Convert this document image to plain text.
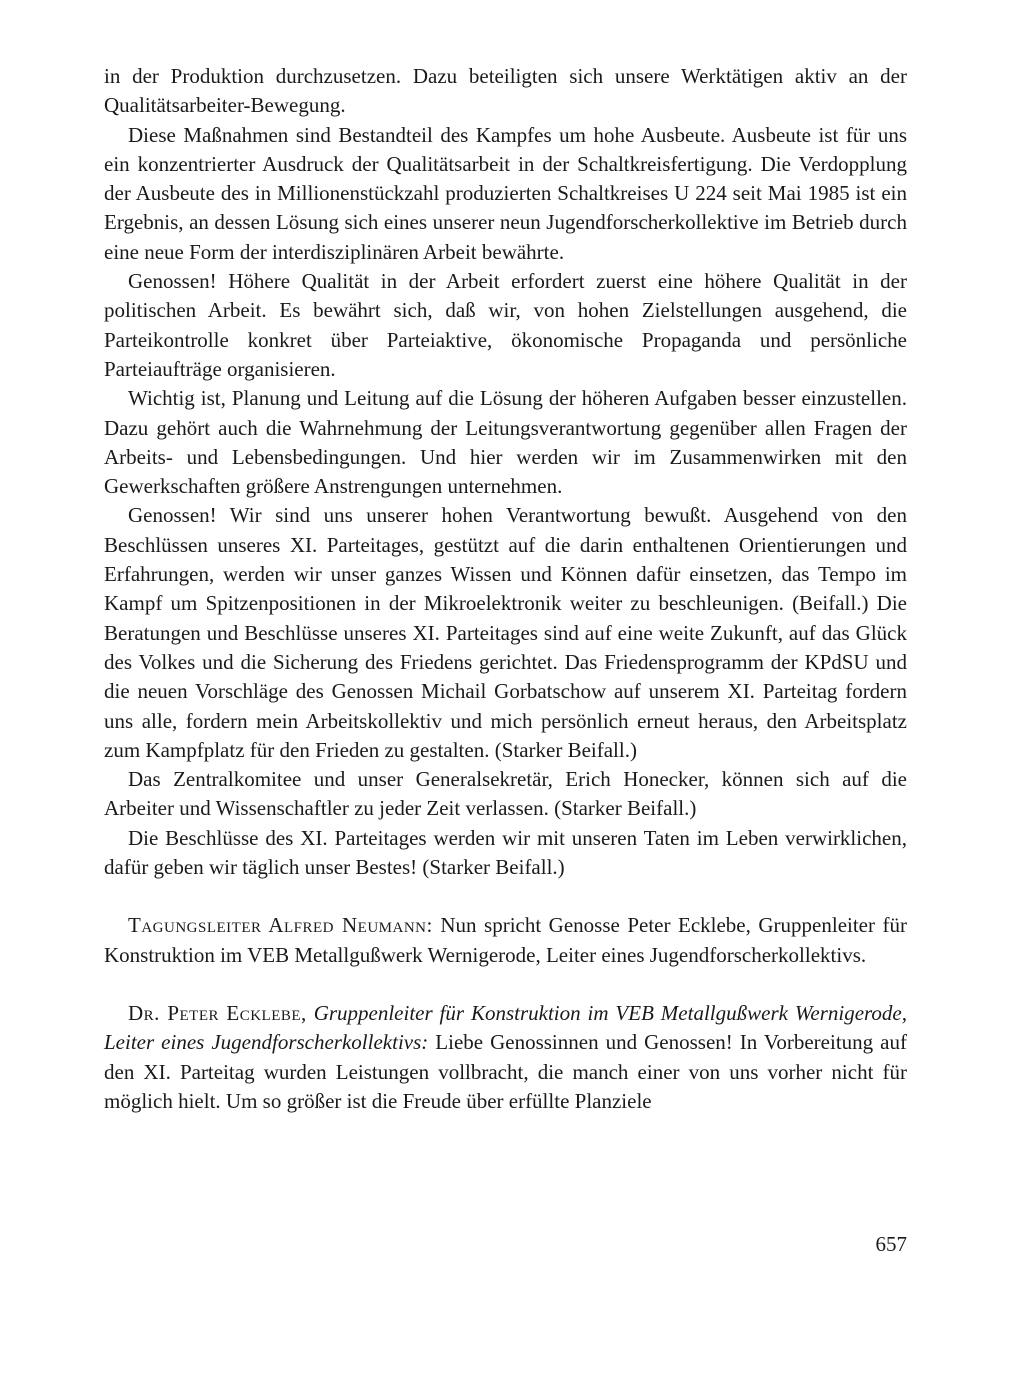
in der Produktion durchzusetzen. Dazu beteiligten sich unsere Werktätigen aktiv an der Qualitätsarbeiter-Bewegung.

Diese Maßnahmen sind Bestandteil des Kampfes um hohe Ausbeute. Ausbeute ist für uns ein konzentrierter Ausdruck der Qualitätsarbeit in der Schaltkreisfertigung. Die Verdopplung der Ausbeute des in Millionenstückzahl produzierten Schaltkreises U 224 seit Mai 1985 ist ein Ergebnis, an dessen Lösung sich eines unserer neun Jugendforscherkollektive im Betrieb durch eine neue Form der interdisziplinären Arbeit bewährte.

Genossen! Höhere Qualität in der Arbeit erfordert zuerst eine höhere Qualität in der politischen Arbeit. Es bewährt sich, daß wir, von hohen Zielstellungen ausgehend, die Parteikontrolle konkret über Parteiaktive, ökonomische Propaganda und persönliche Parteiaufträge organisieren.

Wichtig ist, Planung und Leitung auf die Lösung der höheren Aufgaben besser einzustellen. Dazu gehört auch die Wahrnehmung der Leitungsverantwortung gegenüber allen Fragen der Arbeits- und Lebensbedingungen. Und hier werden wir im Zusammenwirken mit den Gewerkschaften größere Anstrengungen unternehmen.

Genossen! Wir sind uns unserer hohen Verantwortung bewußt. Ausgehend von den Beschlüssen unseres XI. Parteitages, gestützt auf die darin enthaltenen Orientierungen und Erfahrungen, werden wir unser ganzes Wissen und Können dafür einsetzen, das Tempo im Kampf um Spitzenpositionen in der Mikroelektronik weiter zu beschleunigen. (Beifall.) Die Beratungen und Beschlüsse unseres XI. Parteitages sind auf eine weite Zukunft, auf das Glück des Volkes und die Sicherung des Friedens gerichtet. Das Friedensprogramm der KPdSU und die neuen Vorschläge des Genossen Michail Gorbatschow auf unserem XI. Parteitag fordern uns alle, fordern mein Arbeitskollektiv und mich persönlich erneut heraus, den Arbeitsplatz zum Kampfplatz für den Frieden zu gestalten. (Starker Beifall.)

Das Zentralkomitee und unser Generalsekretär, Erich Honecker, können sich auf die Arbeiter und Wissenschaftler zu jeder Zeit verlassen. (Starker Beifall.)

Die Beschlüsse des XI. Parteitages werden wir mit unseren Taten im Leben verwirklichen, dafür geben wir täglich unser Bestes! (Starker Beifall.)

Tagungsleiter Alfred Neumann: Nun spricht Genosse Peter Ecklebe, Gruppenleiter für Konstruktion im VEB Metallgußwerk Wernigerode, Leiter eines Jugendforscherkollektivs.

Dr. Peter Ecklebe, Gruppenleiter für Konstruktion im VEB Metallgußwerk Wernigerode, Leiter eines Jugendforscherkollektivs: Liebe Genossinnen und Genossen! In Vorbereitung auf den XI. Parteitag wurden Leistungen vollbracht, die manch einer von uns vorher nicht für möglich hielt. Um so größer ist die Freude über erfüllte Planziele

657
